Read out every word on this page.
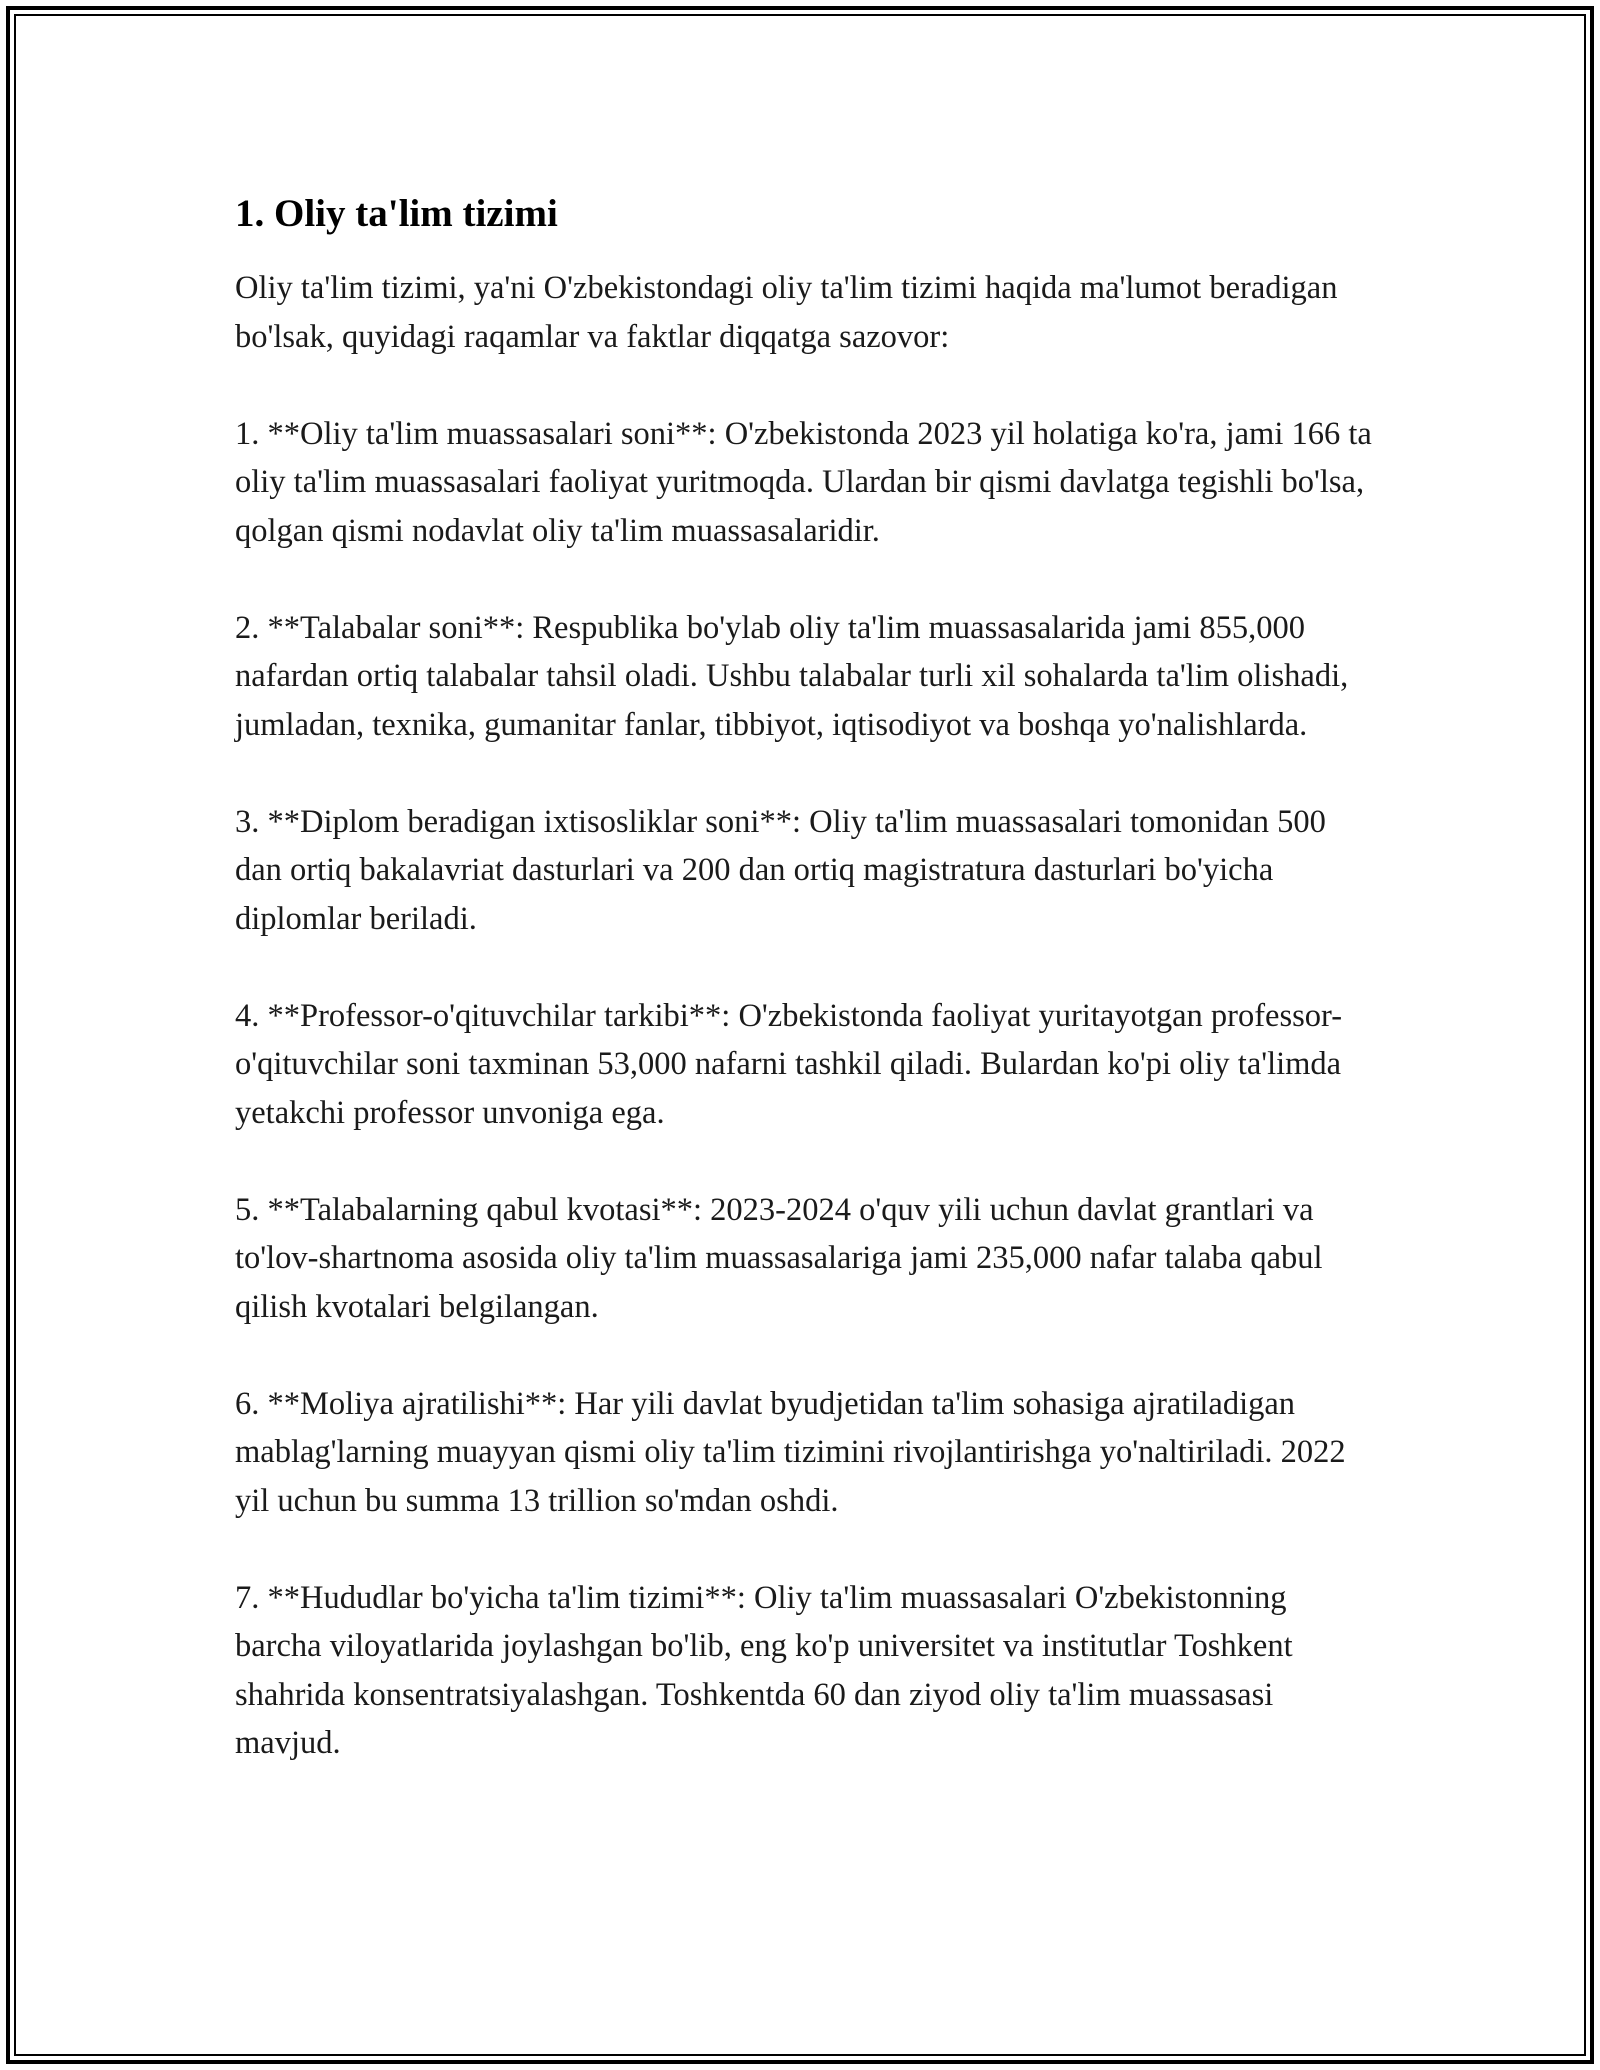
1. Oliy ta'lim tizimi

Oliy ta'lim tizimi, ya'ni O'zbekistondagi oliy ta'lim tizimi haqida ma'lumot beradigan bo'lsak, quyidagi raqamlar va faktlar diqqatga sazovor:

1. **Oliy ta'lim muassasalari soni**: O'zbekistonda 2023 yil holatiga ko'ra, jami 166 ta oliy ta'lim muassasalari faoliyat yuritmoqda. Ulardan bir qismi davlatga tegishli bo'lsa, qolgan qismi nodavlat oliy ta'lim muassasalaridir.

2. **Talabalar soni**: Respublika bo'ylab oliy ta'lim muassasalarida jami 855,000 nafardan ortiq talabalar tahsil oladi. Ushbu talabalar turli xil sohalarda ta'lim olishadi, jumladan, texnika, gumanitar fanlar, tibbiyot, iqtisodiyot va boshqa yo'nalishlarda.

3. **Diplom beradigan ixtisosliklar soni**: Oliy ta'lim muassasalari tomonidan 500 dan ortiq bakalavriat dasturlari va 200 dan ortiq magistratura dasturlari bo'yicha diplomlar beriladi.

4. **Professor-o'qituvchilar tarkibi**: O'zbekistonda faoliyat yuritayotgan professor-o'qituvchilar soni taxminan 53,000 nafarni tashkil qiladi. Bulardan ko'pi oliy ta'limda yetakchi professor unvoniga ega.

5. **Talabalarning qabul kvotasi**: 2023-2024 o'quv yili uchun davlat grantlari va to'lov-shartnoma asosida oliy ta'lim muassasalariga jami 235,000 nafar talaba qabul qilish kvotalari belgilangan.

6. **Moliya ajratilishi**: Har yili davlat byudjetidan ta'lim sohasiga ajratiladigan mablag'larning muayyan qismi oliy ta'lim tizimini rivojlantirishga yo'naltiriladi. 2022 yil uchun bu summa 13 trillion so'mdan oshdi.

7. **Hududlar bo'yicha ta'lim tizimi**: Oliy ta'lim muassasalari O'zbekistonning barcha viloyatlarida joylashgan bo'lib, eng ko'p universitet va institutlar Toshkent shahrida konsentratsiyalashgan. Toshkentda 60 dan ziyod oliy ta'lim muassasasi mavjud.
